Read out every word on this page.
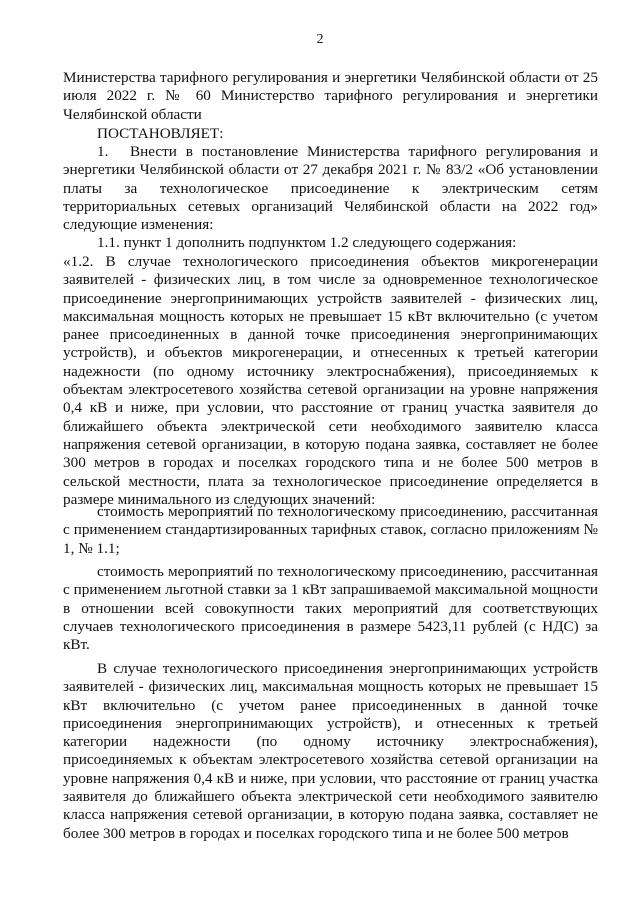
2

Министерства тарифного регулирования и энергетики Челябинской области от 25 июля 2022 г. № 60 Министерство тарифного регулирования и энергетики Челябинской области

ПОСТАНОВЛЯЕТ:

1. Внести в постановление Министерства тарифного регулирования и энергетики Челябинской области от 27 декабря 2021 г. № 83/2 «Об установлении платы за технологическое присоединение к электрическим сетям территориальных сетевых организаций Челябинской области на 2022 год» следующие изменения:

1.1. пункт 1 дополнить подпунктом 1.2 следующего содержания:

«1.2. В случае технологического присоединения объектов микрогенерации заявителей - физических лиц, в том числе за одновременное технологическое присоединение энергопринимающих устройств заявителей - физических лиц, максимальная мощность которых не превышает 15 кВт включительно (с учетом ранее присоединенных в данной точке присоединения энергопринимающих устройств), и объектов микрогенерации, и отнесенных к третьей категории надежности (по одному источнику электроснабжения), присоединяемых к объектам электросетевого хозяйства сетевой организации на уровне напряжения 0,4 кВ и ниже, при условии, что расстояние от границ участка заявителя до ближайшего объекта электрической сети необходимого заявителю класса напряжения сетевой организации, в которую подана заявка, составляет не более 300 метров в городах и поселках городского типа и не более 500 метров в сельской местности, плата за технологическое присоединение определяется в размере минимального из следующих значений:

стоимость мероприятий по технологическому присоединению, рассчитанная с применением стандартизированных тарифных ставок, согласно приложениям № 1, № 1.1;

стоимость мероприятий по технологическому присоединению, рассчитанная с применением льготной ставки за 1 кВт запрашиваемой максимальной мощности в отношении всей совокупности таких мероприятий для соответствующих случаев технологического присоединения в размере 5423,11 рублей (с НДС) за кВт.

В случае технологического присоединения энергопринимающих устройств заявителей - физических лиц, максимальная мощность которых не превышает 15 кВт включительно (с учетом ранее присоединенных в данной точке присоединения энергопринимающих устройств), и отнесенных к третьей категории надежности (по одному источнику электроснабжения), присоединяемых к объектам электросетевого хозяйства сетевой организации на уровне напряжения 0,4 кВ и ниже, при условии, что расстояние от границ участка заявителя до ближайшего объекта электрической сети необходимого заявителю класса напряжения сетевой организации, в которую подана заявка, составляет не более 300 метров в городах и поселках городского типа и не более 500 метров
